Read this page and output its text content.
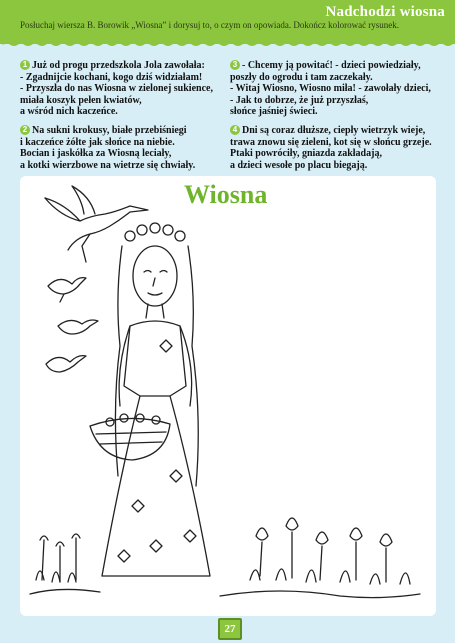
Nadchodzi wiosna
Posłuchaj wiersza B. Borowik „Wiosna” i dorysuj to, o czym on opowiada. Dokończ kolorować rysunek.
1 Już od progu przedszkola Jola zawołała:
- Zgadnijcie kochani, kogo dziś widziałam!
- Przyszła do nas Wiosna w zielonej sukience,
miała koszyk pełen kwiatów,
a wśród nich kaczeńce.
2 Na sukni krokusy, białe przebiśniegi
i kaczeńce żółte jak słońce na niebie.
Bocian i jaskółka za Wiosną leciały,
a kotki wierzbowe na wietrze się chwiały.
3 - Chcemy ją powitać! - dzieci powiedziały,
poszły do ogrodu i tam zaczekały.
- Witaj Wiosno, Wiosno miła! - zawołały dzieci,
- Jak to dobrze, że już przyszłaś,
słońce jaśniej świeci.
4 Dni są coraz dłuższe, ciepły wietrzyk wieje,
trawa znowu się zieleni, kot się w słońcu grzeje.
Ptaki powróciły, gniazda zakładają,
a dzieci wesołe po placu biegają.
Wiosna
27
